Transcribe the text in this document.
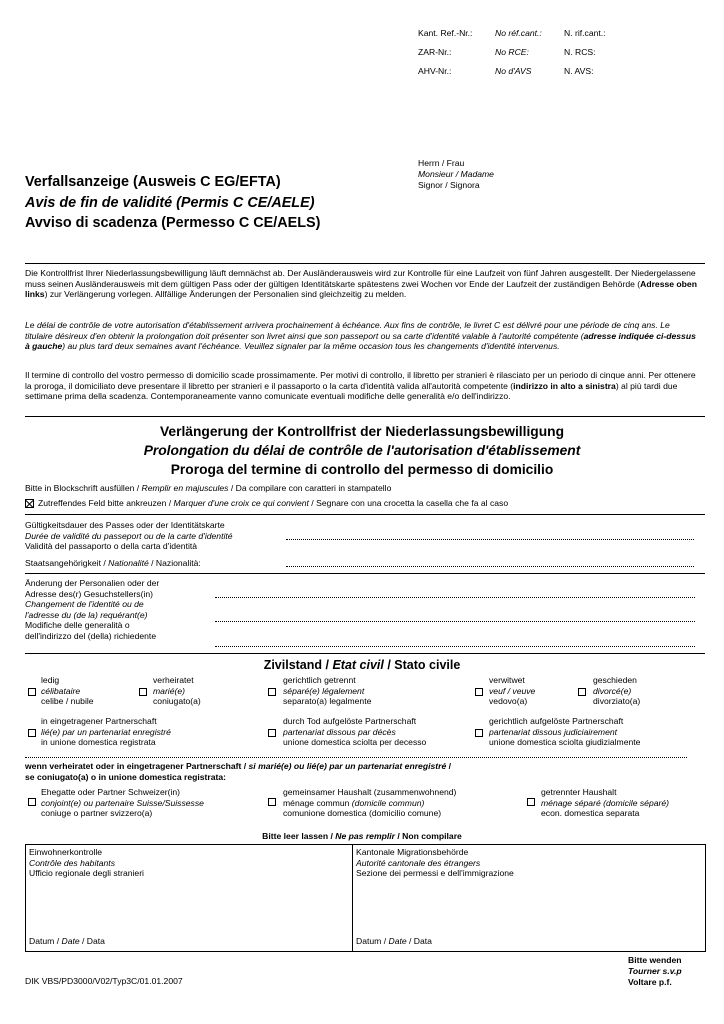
Kant. Ref.-Nr.:
ZAR-Nr.:
AHV-Nr.:
No réf.cant.:
No RCE:
No d'AVS
N. rif.cant.:
N. RCS:
N. AVS:
Herrn / Frau
Monsieur / Madame
Signor / Signora
Verfallsanzeige (Ausweis C EG/EFTA)
Avis de fin de validité (Permis C CE/AELE)
Avviso di scadenza (Permesso C CE/AELS)
Die Kontrollfrist Ihrer Niederlassungsbewilligung läuft demnächst ab. Der Ausländerausweis wird zur Kontrolle für eine Laufzeit von fünf Jahren ausgestellt. Der Niedergelassene muss seinen Ausländerausweis mit dem gültigen Pass oder der gültigen Identitätskarte spätestens zwei Wochen vor Ende der Laufzeit der zuständigen Behörde (Adresse oben links) zur Verlängerung vorlegen. Allfällige Änderungen der Personalien sind gleichzeitig zu melden.
Le délai de contrôle de votre autorisation d'établissement arrivera prochainement à échéance. Aux fins de contrôle, le livret C est délivré pour une période de cinq ans. Le titulaire désireux d'en obtenir la prolongation doit présenter son livret ainsi que son passeport ou sa carte d'identité valable à l'autorité compétente (adresse indiquée ci-dessus à gauche) au plus tard deux semaines avant l'échéance. Veuillez signaler par la même occasion tous les changements d'identité intervenus.
Il termine di controllo del vostro permesso di domicilio scade prossimamente. Per motivi di controllo, il libretto per stranieri è rilasciato per un periodo di cinque anni. Per ottenere la proroga, il domiciliato deve presentare il libretto per stranieri e il passaporto o la carta d'identità valida all'autorità competente (indirizzo in alto a sinistra) al più tardi due settimane prima della scadenza. Contemporaneamente vanno comunicate eventuali modifiche delle generalità e/o dell'indirizzo.
Verlängerung der Kontrollfrist der Niederlassungsbewilligung
Prolongation du délai de contrôle de l'autorisation d'établissement
Proroga del termine di controllo del permesso di domicilio
Bitte in Blockschrift ausfüllen / Remplir en majuscules / Da compilare con caratteri in stampatello
Zutreffendes Feld bitte ankreuzen / Marquer d'une croix ce qui convient / Segnare con una crocetta la casella che fa al caso
Gültigkeitsdauer des Passes oder der Identitätskarte
Durée de validité du passeport ou de la carte d'identité
Validità del passaporto o della carta d'identità
Staatsangehörigkeit / Nationalité / Nazionalità:
Änderung der Personalien oder der
Adresse des(r) Gesuchstellers(in)
Changement de l'identité ou de
l'adresse du (de la) requérant(e)
Modifiche delle generalità o
dell'indirizzo del (della) richiedente
Zivilstand / Etat civil / Stato civile
ledig
célibataire
celibe / nubile
verheiratet
marié(e)
coniugato(a)
gerichtlich getrennt
séparé(e) légalement
separato(a) legalmente
verwitwet
veuf / veuve
vedovo(a)
geschieden
divorcé(e)
divorziato(a)
in eingetragener Partnerschaft
lié(e) par un partenariat enregistré
in unione domestica registrata
durch Tod aufgelöste Partnerschaft
partenariat dissous par décès
unione domestica sciolta per decesso
gerichtlich aufgelöste Partnerschaft
partenariat dissous judiciairement
unione domestica sciolta giudizialmente
wenn verheiratet oder in eingetragener Partnerschaft / si marié(e) ou lié(e) par un partenariat enregistré /
se coniugato(a) o in unione domestica registrata:
Ehegatte oder Partner Schweizer(in)
conjoint(e) ou partenaire Suisse/Suissesse
coniuge o partner svizzero(a)
gemeinsamer Haushalt (zusammenwohnend)
ménage commun (domicile commun)
comunione domestica (domicilio comune)
getrennter Haushalt
ménage séparé (domicile séparé)
econ. domestica separata
Bitte leer lassen / Ne pas remplir / Non compilare
Einwohnerkontrolle
Contrôle des habitants
Ufficio regionale degli stranieri
Kantonale Migrationsbehörde
Autorité cantonale des étrangers
Sezione dei permessi e dell'immigrazione
Datum / Date / Data	Datum / Date / Data
DIK VBS/PD3000/V02/Typ3C/01.01.2007
Bitte wenden
Tourner s.v.p
Voltare p.f.
